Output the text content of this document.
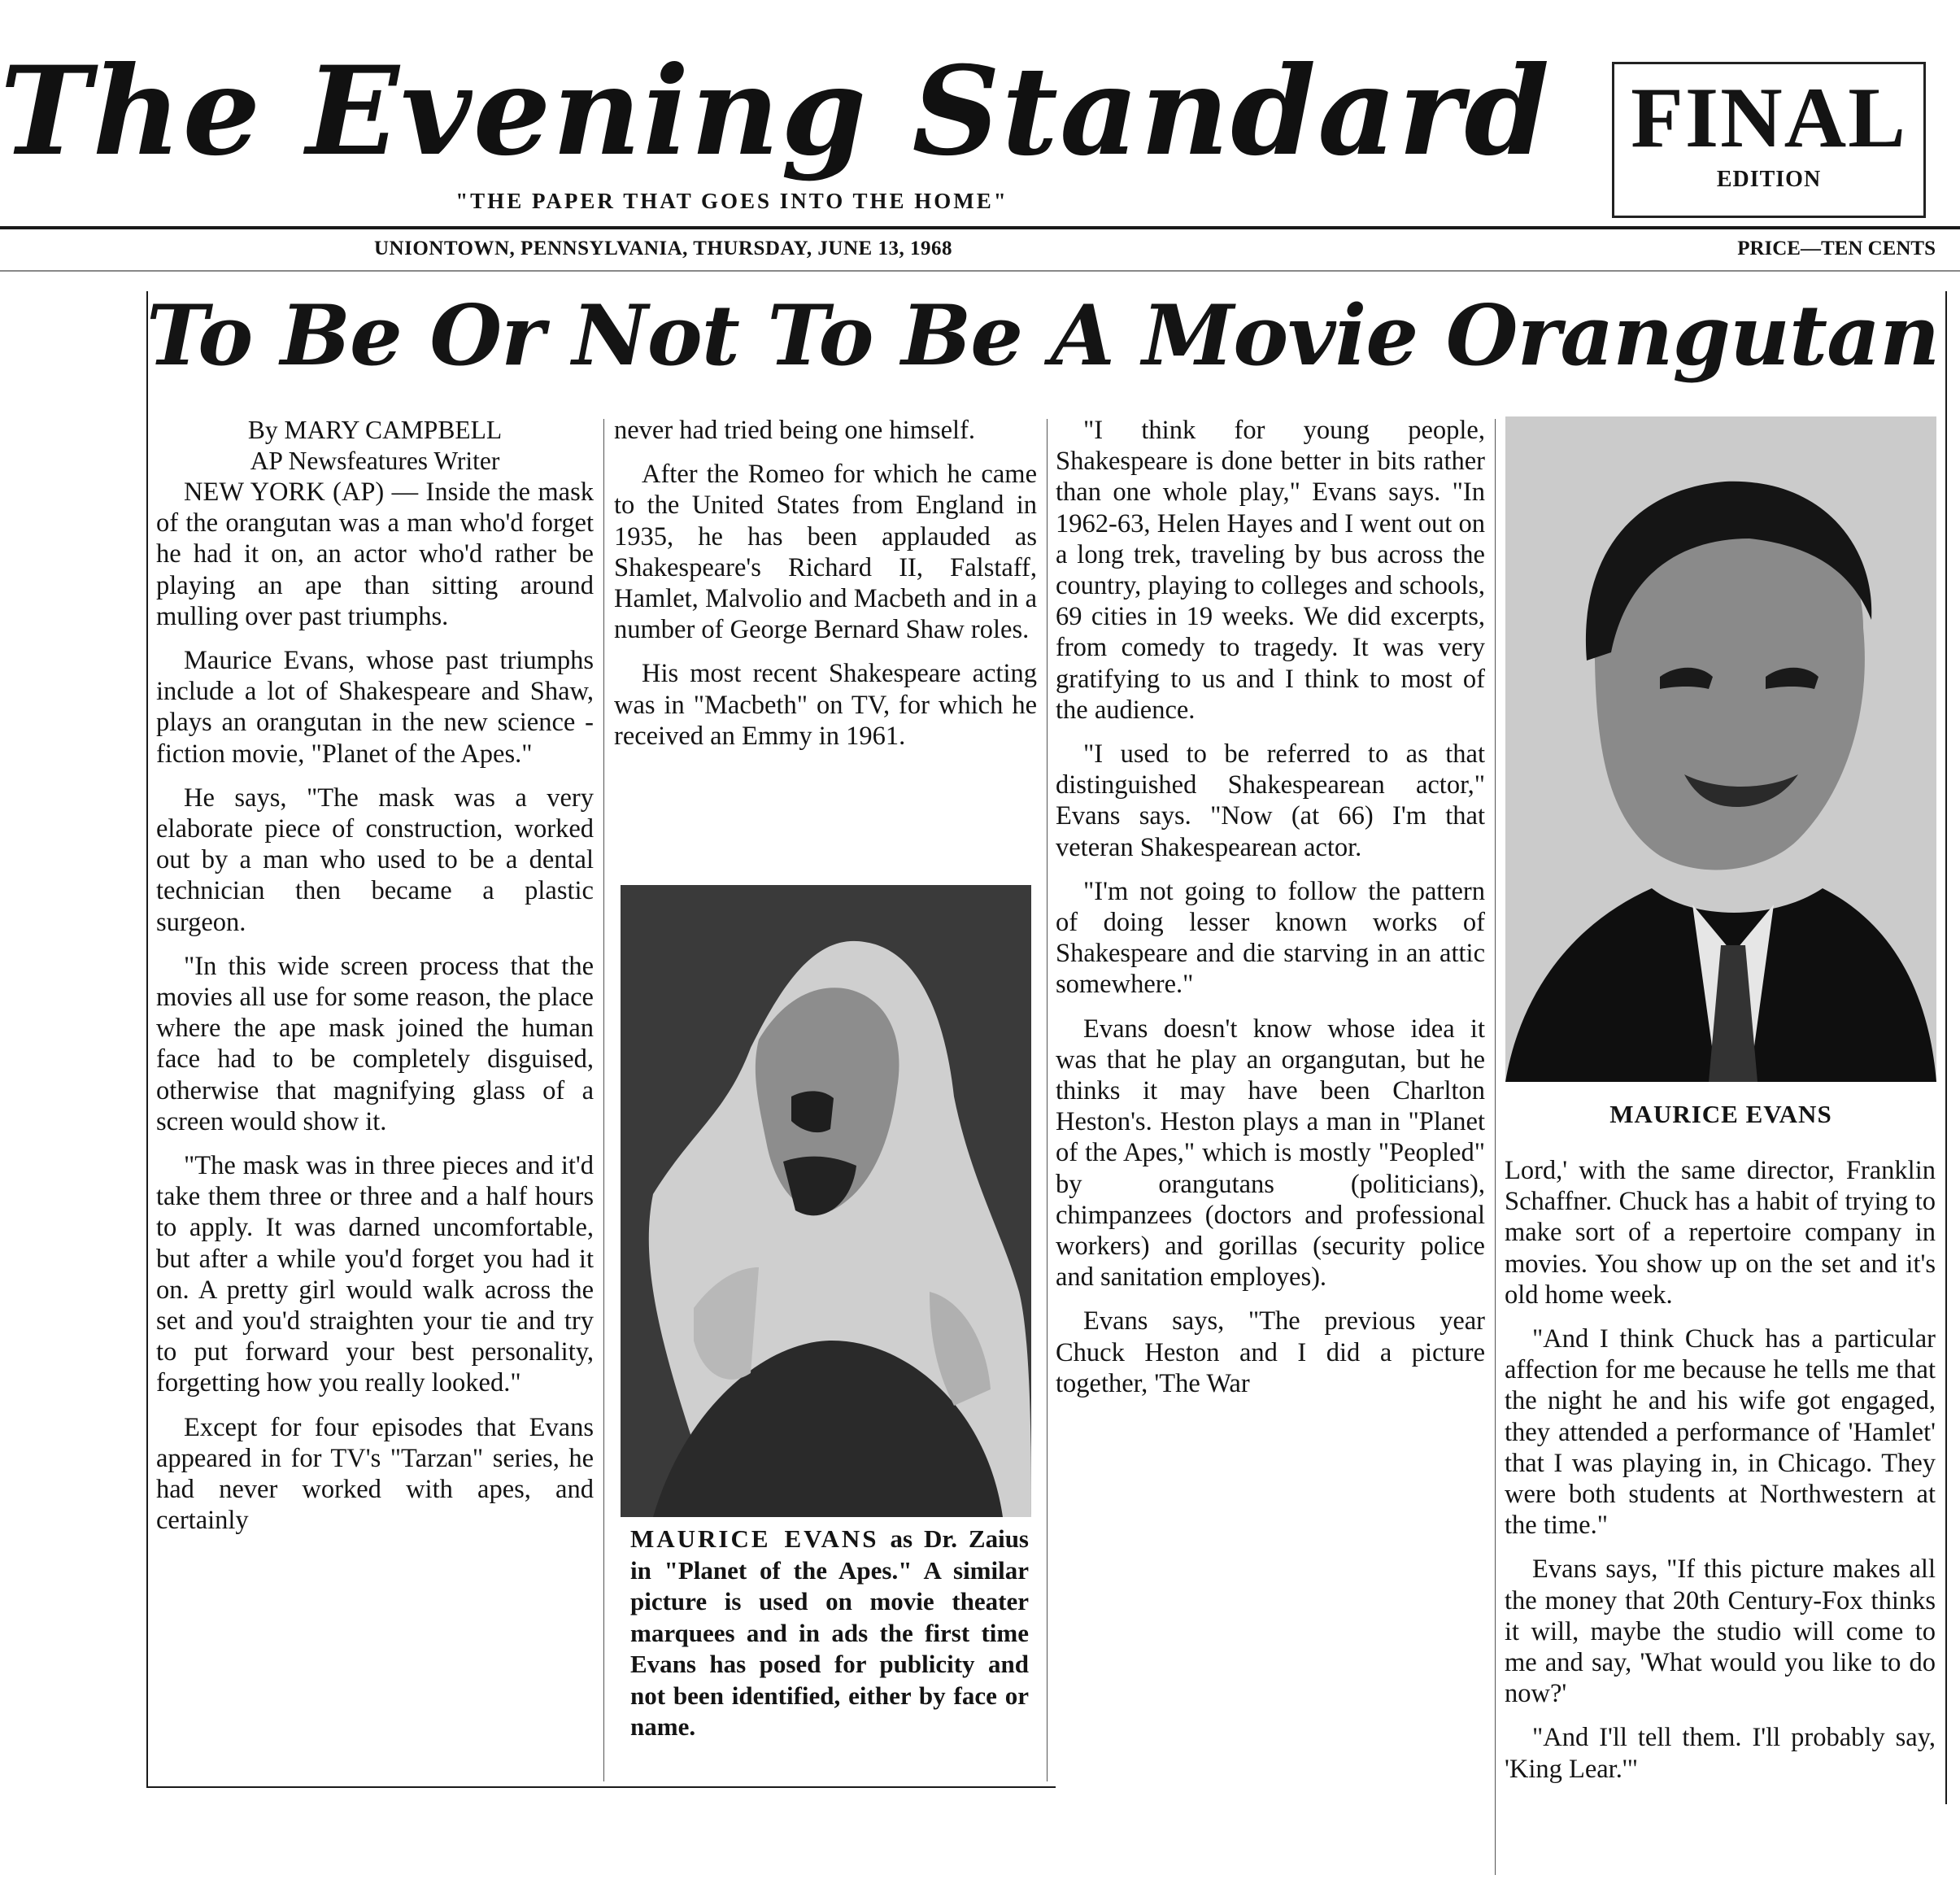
The Evening Standard
"THE PAPER THAT GOES INTO THE HOME"
FINAL
EDITION
UNIONTOWN, PENNSYLVANIA, THURSDAY, JUNE 13, 1968	PRICE—TEN CENTS
To Be Or Not To Be A Movie Orangutan

By MARY CAMPBELL

AP Newsfeatures Writer

NEW YORK (AP) — Inside the mask of the orangutan was a man who'd forget he had it on, an actor who'd rather be playing an ape than sitting around mulling over past triumphs.

Maurice Evans, whose past triumphs include a lot of Shakespeare and Shaw, plays an orangutan in the new science - fiction movie, "Planet of the Apes."

He says, "The mask was a very elaborate piece of construction, worked out by a man who used to be a dental technician then became a plastic surgeon.

"In this wide screen process that the movies all use for some reason, the place where the ape mask joined the human face had to be completely disguised, otherwise that magnifying glass of a screen would show it.

"The mask was in three pieces and it'd take them three or three and a half hours to apply. It was darned uncomfortable, but after a while you'd forget you had it on. A pretty girl would walk across the set and you'd straighten your tie and try to put forward your best personality, forgetting how you really looked."

Except for four episodes that Evans appeared in for TV's "Tarzan" series, he had never worked with apes, and certainly

never had tried being one himself.

After the Romeo for which he came to the United States from England in 1935, he has been applauded as Shakespeare's Richard II, Falstaff, Hamlet, Malvolio and Macbeth and in a number of George Bernard Shaw roles.

His most recent Shakespeare acting was in "Macbeth" on TV, for which he received an Emmy in 1961.

MAURICE EVANS as Dr. Zaius in "Planet of the Apes." A similar picture is used on movie theater marquees and in ads the first time Evans has posed for publicity and not been identified, either by face or name.

"I think for young people, Shakespeare is done better in bits rather than one whole play," Evans says. "In 1962-63, Helen Hayes and I went out on a long trek, traveling by bus across the country, playing to colleges and schools, 69 cities in 19 weeks. We did excerpts, from comedy to tragedy. It was very gratifying to us and I think to most of the audience.

"I used to be referred to as that distinguished Shakespearean actor," Evans says. "Now (at 66) I'm that veteran Shakespearean actor.

"I'm not going to follow the pattern of doing lesser known works of Shakespeare and die starving in an attic somewhere."

Evans doesn't know whose idea it was that he play an organgutan, but he thinks it may have been Charlton Heston's. Heston plays a man in "Planet of the Apes," which is mostly "Peopled" by orangutans (politicians), chimpanzees (doctors and professional workers) and gorillas (security police and sanitation employes).

Evans says, "The previous year Chuck Heston and I did a picture together, 'The War

MAURICE EVANS

Lord,' with the same director, Franklin Schaffner. Chuck has a habit of trying to make sort of a repertoire company in movies. You show up on the set and it's old home week.

"And I think Chuck has a particular affection for me because he tells me that the night he and his wife got engaged, they attended a performance of 'Hamlet' that I was playing in, in Chicago. They were both students at Northwestern at the time."

Evans says, "If this picture makes all the money that 20th Century-Fox thinks it will, maybe the studio will come to me and say, 'What would you like to do now?'

"And I'll tell them. I'll probably say, 'King Lear.'"
